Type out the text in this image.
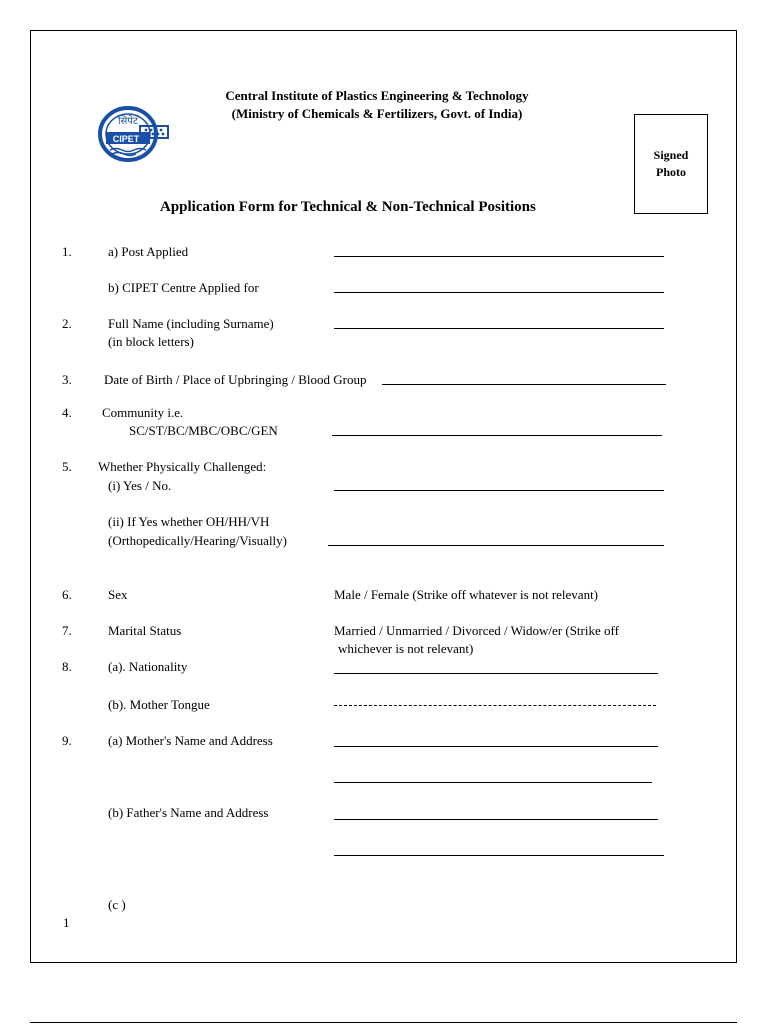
सिपेट
CIPET
Central Institute of Plastics Engineering & Technology
(Ministry of Chemicals & Fertilizers, Govt. of India)
Signed
Photo
Application Form for Technical & Non-Technical Positions
1.	a) Post Applied
b) CIPET Centre Applied for
2.	Full Name (including Surname)
(in block letters)
3. Date of Birth / Place of Upbringing / Blood Group
4. Community i.e.
SC/ST/BC/MBC/OBC/GEN
5. Whether Physically Challenged:
(i) Yes / No.
(ii) If Yes whether OH/HH/VH
(Orthopedically/Hearing/Visually)
6.	Sex	Male / Female (Strike off whatever is not relevant)
7.	Marital Status	Married / Unmarried / Divorced / Widow/er (Strike off
whichever is not relevant)
8.	(a). Nationality
(b). Mother Tongue
9.	(a) Mother's Name and Address
(b) Father's Name and Address
(c )
1
